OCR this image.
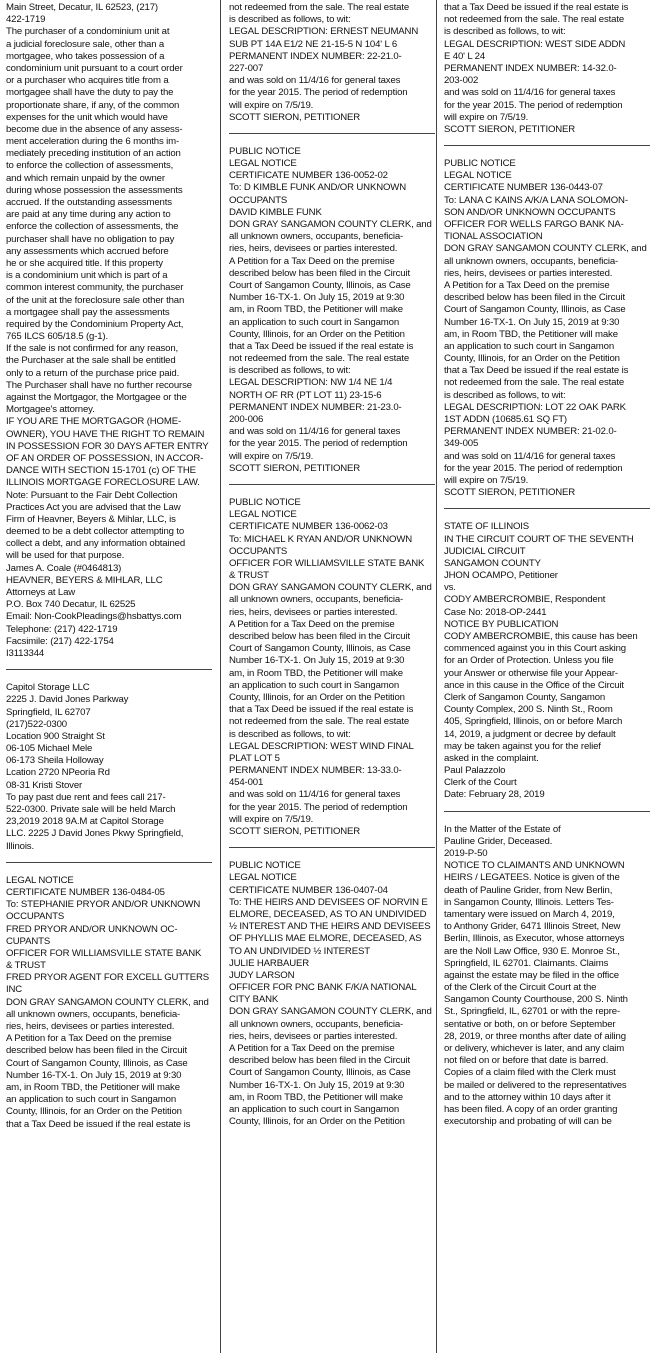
Main Street, Decatur, IL 62523, (217)
422-1719
The purchaser of a condominium unit at
a judicial foreclosure sale, other than a
mortgagee, who takes possession of a
condominium unit pursuant to a court order
or a purchaser who acquires title from a
mortgagee shall have the duty to pay the
proportionate share, if any, of the common
expenses for the unit which would have
become due in the absence of any assess-
ment acceleration during the 6 months im-
mediately preceding institution of an action
to enforce the collection of assessments,
and which remain unpaid by the owner
during whose possession the assessments
accrued. If the outstanding assessments
are paid at any time during any action to
enforce the collection of assessments, the
purchaser shall have no obligation to pay
any assessments which accrued before
he or she acquired title. If this property
is a condominium unit which is part of a
common interest community, the purchaser
of the unit at the foreclosure sale other than
a mortgagee shall pay the assessments
required by the Condominium Property Act,
765 ILCS 605/18.5 (g-1).
If the sale is not confirmed for any reason,
the Purchaser at the sale shall be entitled
only to a return of the purchase price paid.
The Purchaser shall have no further recourse
against the Mortgagor, the Mortgagee or the
Mortgagee's attorney.
IF YOU ARE THE MORTGAGOR (HOME-
OWNER), YOU HAVE THE RIGHT TO REMAIN
IN POSSESSION FOR 30 DAYS AFTER ENTRY
OF AN ORDER OF POSSESSION, IN ACCOR-
DANCE WITH SECTION 15-1701 (c) OF THE
ILLINOIS MORTGAGE FORECLOSURE LAW.
Note: Pursuant to the Fair Debt Collection
Practices Act you are advised that the Law
Firm of Heavner, Beyers & Mihlar, LLC, is
deemed to be a debt collector attempting to
collect a debt, and any information obtained
will be used for that purpose.
James A. Coale (#0464813)
HEAVNER, BEYERS & MIHLAR, LLC
Attorneys at Law
P.O. Box 740 Decatur, IL 62525
Email: Non-CookPleadings@hsbattys.com
Telephone: (217) 422-1719
Facsimile: (217) 422-1754
I3113344
Capitol Storage LLC
2225 J. David Jones Parkway
Springfield, IL 62707
(217)522-0300
Location 900 Straight St
06-105 Michael Mele
06-173 Sheila Holloway
Lcation 2720 NPeoria Rd
08-31 Kristi Stover
To pay past due rent and fees call 217-
522-0300. Private sale will be held March
23,2019 2018 9A.M at Capitol Storage
LLC. 2225 J David Jones Pkwy Springfield,
Illinois.
LEGAL NOTICE
CERTIFICATE NUMBER 136-0484-05
To: STEPHANIE PRYOR AND/OR UNKNOWN
OCCUPANTS
FRED PRYOR AND/OR UNKNOWN OC-
CUPANTS
OFFICER FOR WILLIAMSVILLE STATE BANK
& TRUST
FRED PRYOR AGENT FOR EXCELL GUTTERS
INC
DON GRAY SANGAMON COUNTY CLERK, and
all unknown owners, occupants, beneficia-
ries, heirs, devisees or parties interested.
A Petition for a Tax Deed on the premise
described below has been filed in the Circuit
Court of Sangamon County, Illinois, as Case
Number 16-TX-1. On July 15, 2019 at 9:30
am, in Room TBD, the Petitioner will make
an application to such court in Sangamon
County, Illinois, for an Order on the Petition
that a Tax Deed be issued if the real estate is
not redeemed from the sale. The real estate
is described as follows, to wit:
LEGAL DESCRIPTION: ERNEST NEUMANN
SUB PT 14A E1/2 NE 21-15-5 N 104' L 6
PERMANENT INDEX NUMBER: 22-21.0-
227-007
and was sold on 11/4/16 for general taxes
for the year 2015. The period of redemption
will expire on 7/5/19.
SCOTT SIERON, PETITIONER
PUBLIC NOTICE
LEGAL NOTICE
CERTIFICATE NUMBER 136-0052-02
To: D KIMBLE FUNK AND/OR UNKNOWN
OCCUPANTS
DAVID KIMBLE FUNK
DON GRAY SANGAMON COUNTY CLERK, and
all unknown owners, occupants, beneficia-
ries, heirs, devisees or parties interested.
A Petition for a Tax Deed on the premise
described below has been filed in the Circuit
Court of Sangamon County, Illinois, as Case
Number 16-TX-1. On July 15, 2019 at 9:30
am, in Room TBD, the Petitioner will make
an application to such court in Sangamon
County, Illinois, for an Order on the Petition
that a Tax Deed be issued if the real estate is
not redeemed from the sale. The real estate
is described as follows, to wit:
LEGAL DESCRIPTION: NW 1/4 NE 1/4
NORTH OF RR (PT LOT 11) 23-15-6
PERMANENT INDEX NUMBER: 21-23.0-
200-006
and was sold on 11/4/16 for general taxes
for the year 2015. The period of redemption
will expire on 7/5/19.
SCOTT SIERON, PETITIONER
PUBLIC NOTICE
LEGAL NOTICE
CERTIFICATE NUMBER 136-0062-03
To: MICHAEL K RYAN AND/OR UNKNOWN
OCCUPANTS
OFFICER FOR WILLIAMSVILLE STATE BANK
& TRUST
DON GRAY SANGAMON COUNTY CLERK, and
all unknown owners, occupants, beneficia-
ries, heirs, devisees or parties interested.
A Petition for a Tax Deed on the premise
described below has been filed in the Circuit
Court of Sangamon County, Illinois, as Case
Number 16-TX-1. On July 15, 2019 at 9:30
am, in Room TBD, the Petitioner will make
an application to such court in Sangamon
County, Illinois, for an Order on the Petition
that a Tax Deed be issued if the real estate is
not redeemed from the sale. The real estate
is described as follows, to wit:
LEGAL DESCRIPTION: WEST WIND FINAL
PLAT LOT 5
PERMANENT INDEX NUMBER: 13-33.0-
454-001
and was sold on 11/4/16 for general taxes
for the year 2015. The period of redemption
will expire on 7/5/19.
SCOTT SIERON, PETITIONER
PUBLIC NOTICE
LEGAL NOTICE
CERTIFICATE NUMBER 136-0407-04
To: THE HEIRS AND DEVISEES OF NORVIN E
ELMORE, DECEASED, AS TO AN UNDIVIDED
½ INTEREST AND THE HEIRS AND DEVISEES
OF PHYLLIS MAE ELMORE, DECEASED, AS
TO AN UNDIVIDED ½ INTEREST
JULIE HARBAUER
JUDY LARSON
OFFICER FOR PNC BANK F/K/A NATIONAL
CITY BANK
DON GRAY SANGAMON COUNTY CLERK, and
all unknown owners, occupants, beneficia-
ries, heirs, devisees or parties interested.
A Petition for a Tax Deed on the premise
described below has been filed in the Circuit
Court of Sangamon County, Illinois, as Case
Number 16-TX-1. On July 15, 2019 at 9:30
am, in Room TBD, the Petitioner will make
an application to such court in Sangamon
County, Illinois, for an Order on the Petition
that a Tax Deed be issued if the real estate is
not redeemed from the sale. The real estate
is described as follows, to wit:
LEGAL DESCRIPTION: WEST SIDE ADDN
E 40' L 24
PERMANENT INDEX NUMBER: 14-32.0-
203-002
and was sold on 11/4/16 for general taxes
for the year 2015. The period of redemption
will expire on 7/5/19.
SCOTT SIERON, PETITIONER
PUBLIC NOTICE
LEGAL NOTICE
CERTIFICATE NUMBER 136-0443-07
To: LANA C KAINS A/K/A LANA SOLOMON-
SON AND/OR UNKNOWN OCCUPANTS
OFFICER FOR WELLS FARGO BANK NA-
TIONAL ASSOCIATION
DON GRAY SANGAMON COUNTY CLERK, and
all unknown owners, occupants, beneficia-
ries, heirs, devisees or parties interested.
A Petition for a Tax Deed on the premise
described below has been filed in the Circuit
Court of Sangamon County, Illinois, as Case
Number 16-TX-1. On July 15, 2019 at 9:30
am, in Room TBD, the Petitioner will make
an application to such court in Sangamon
County, Illinois, for an Order on the Petition
that a Tax Deed be issued if the real estate is
not redeemed from the sale. The real estate
is described as follows, to wit:
LEGAL DESCRIPTION: LOT 22 OAK PARK
1ST ADDN (10685.61 SQ FT)
PERMANENT INDEX NUMBER: 21-02.0-
349-005
and was sold on 11/4/16 for general taxes
for the year 2015. The period of redemption
will expire on 7/5/19.
SCOTT SIERON, PETITIONER
STATE OF ILLINOIS
IN THE CIRCUIT COURT OF THE SEVENTH
JUDICIAL CIRCUIT
SANGAMON COUNTY
JHON OCAMPO, Petitioner
vs.
CODY AMBERCROMBIE, Respondent
Case No: 2018-OP-2441
NOTICE BY PUBLICATION
CODY AMBERCROMBIE, this cause has been
commenced against you in this Court asking
for an Order of Protection. Unless you file
your Answer or otherwise file your Appear-
ance in this cause in the Office of the Circuit
Clerk of Sangamon County, Sangamon
County Complex, 200 S. Ninth St., Room
405, Springfield, Illinois, on or before March
14, 2019, a judgment or decree by default
may be taken against you for the relief
asked in the complaint.
Paul Palazzolo
Clerk of the Court
Date: February 28, 2019
In the Matter of the Estate of
Pauline Grider, Deceased.
2019-P-50
NOTICE TO CLAIMANTS AND UNKNOWN
HEIRS / LEGATEES. Notice is given of the
death of Pauline Grider, from New Berlin,
in Sangamon County, Illinois. Letters Tes-
tamentary were issued on March 4, 2019,
to Anthony Grider, 6471 Illinois Street, New
Berlin, Illinois, as Executor, whose attorneys
are the Noll Law Office, 930 E. Monroe St.,
Springfield, IL 62701. Claimants. Claims
against the estate may be filed in the office
of the Clerk of the Circuit Court at the
Sangamon County Courthouse, 200 S. Ninth
St., Springfield, IL, 62701 or with the repre-
sentative or both, on or before September
28, 2019, or three months after date of ailing
or delivery, whichever is later, and any claim
not filed on or before that date is barred.
Copies of a claim filed with the Clerk must
be mailed or delivered to the representatives
and to the attorney within 10 days after it
has been filed. A copy of an order granting
executorship and probating of will can be
